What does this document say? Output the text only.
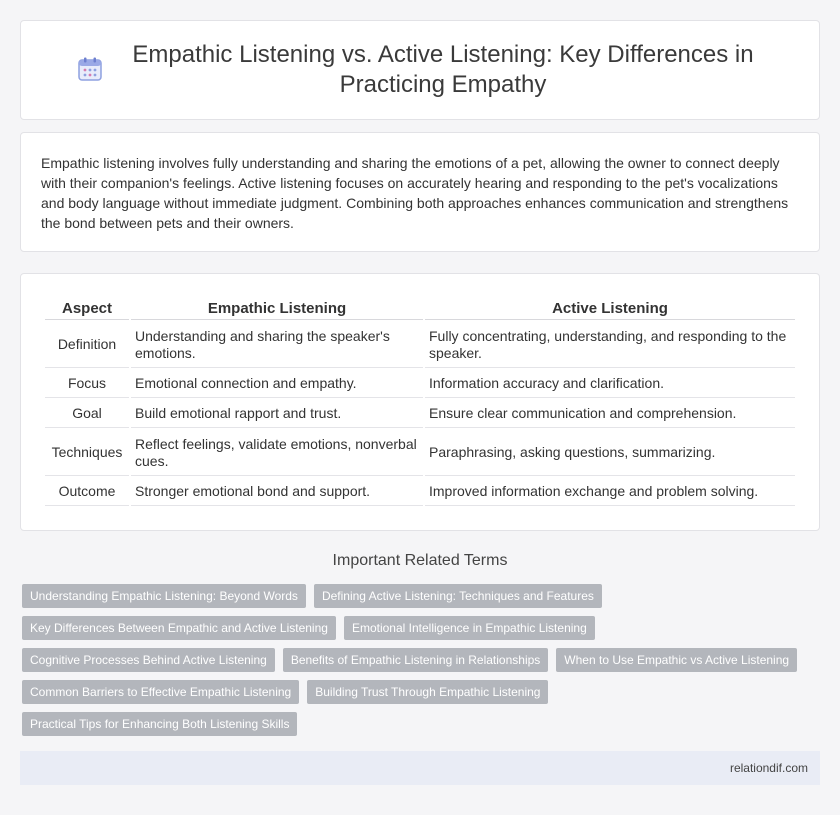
Empathic Listening vs. Active Listening: Key Differences in Practicing Empathy

Empathic listening involves fully understanding and sharing the emotions of a pet, allowing the owner to connect deeply with their companion's feelings. Active listening focuses on accurately hearing and responding to the pet's vocalizations and body language without immediate judgment. Combining both approaches enhances communication and strengthens the bond between pets and their owners.

Aspect	Empathic Listening	Active Listening
Definition	Understanding and sharing the speaker's emotions.	Fully concentrating, understanding, and responding to the speaker.
Focus	Emotional connection and empathy.	Information accuracy and clarification.
Goal	Build emotional rapport and trust.	Ensure clear communication and comprehension.
Techniques	Reflect feelings, validate emotions, nonverbal cues.	Paraphrasing, asking questions, summarizing.
Outcome	Stronger emotional bond and support.	Improved information exchange and problem solving.
Important Related Terms
Understanding Empathic Listening: Beyond Words	Defining Active Listening: Techniques and Features
Key Differences Between Empathic and Active Listening	Emotional Intelligence in Empathic Listening
Cognitive Processes Behind Active Listening	Benefits of Empathic Listening in Relationships	When to Use Empathic vs Active Listening
Common Barriers to Effective Empathic Listening	Building Trust Through Empathic Listening
Practical Tips for Enhancing Both Listening Skills
relationdif.com
